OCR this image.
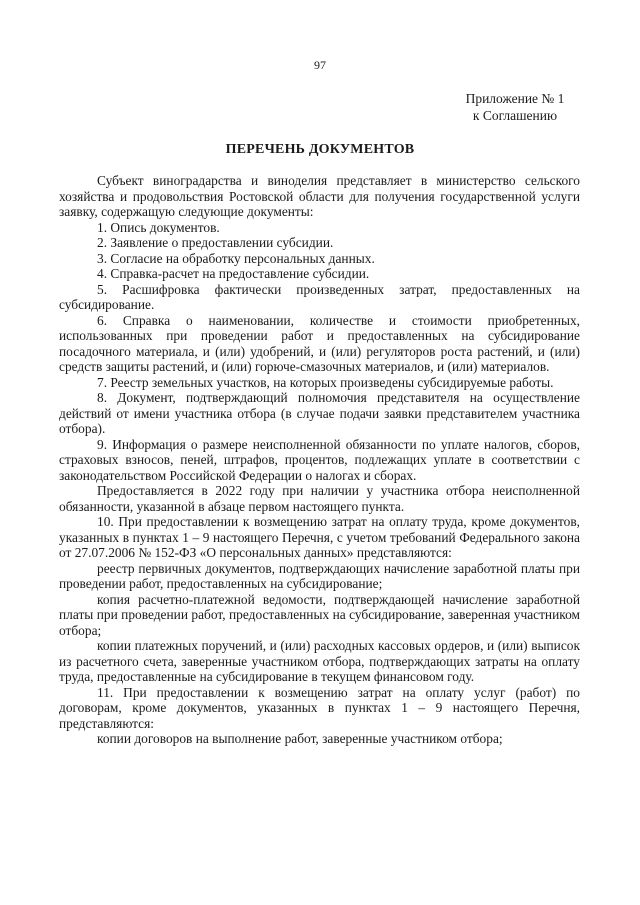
97
Приложение № 1
к Соглашению
ПЕРЕЧЕНЬ ДОКУМЕНТОВ

Субъект виноградарства и виноделия представляет в министерство сельского хозяйства и продовольствия Ростовской области для получения государственной услуги заявку, содержащую следующие документы:

1. Опись документов.

2. Заявление о предоставлении субсидии.

3. Согласие на обработку персональных данных.

4. Справка-расчет на предоставление субсидии.

5. Расшифровка фактически произведенных затрат, предоставленных на субсидирование.

6. Справка о наименовании, количестве и стоимости приобретенных, использованных при проведении работ и предоставленных на субсидирование посадочного материала, и (или) удобрений, и (или) регуляторов роста растений, и (или) средств защиты растений, и (или) горюче-смазочных материалов, и (или) материалов.

7. Реестр земельных участков, на которых произведены субсидируемые работы.

8. Документ, подтверждающий полномочия представителя на осуществление действий от имени участника отбора (в случае подачи заявки представителем участника отбора).

9. Информация о размере неисполненной обязанности по уплате налогов, сборов, страховых взносов, пеней, штрафов, процентов, подлежащих уплате в соответствии с законодательством Российской Федерации о налогах и сборах.

Предоставляется в 2022 году при наличии у участника отбора неисполненной обязанности, указанной в абзаце первом настоящего пункта.

10. При предоставлении к возмещению затрат на оплату труда, кроме документов, указанных в пунктах 1 – 9 настоящего Перечня, с учетом требований Федерального закона от 27.07.2006 № 152-ФЗ «О персональных данных» представляются:

реестр первичных документов, подтверждающих начисление заработной платы при проведении работ, предоставленных на субсидирование;

копия расчетно-платежной ведомости, подтверждающей начисление заработной платы при проведении работ, предоставленных на субсидирование, заверенная участником отбора;

копии платежных поручений, и (или) расходных кассовых ордеров, и (или) выписок из расчетного счета, заверенные участником отбора, подтверждающих затраты на оплату труда, предоставленные на субсидирование в текущем финансовом году.

11. При предоставлении к возмещению затрат на оплату услуг (работ) по договорам, кроме документов, указанных в пунктах 1 – 9 настоящего Перечня, представляются:

копии договоров на выполнение работ, заверенные участником отбора;
